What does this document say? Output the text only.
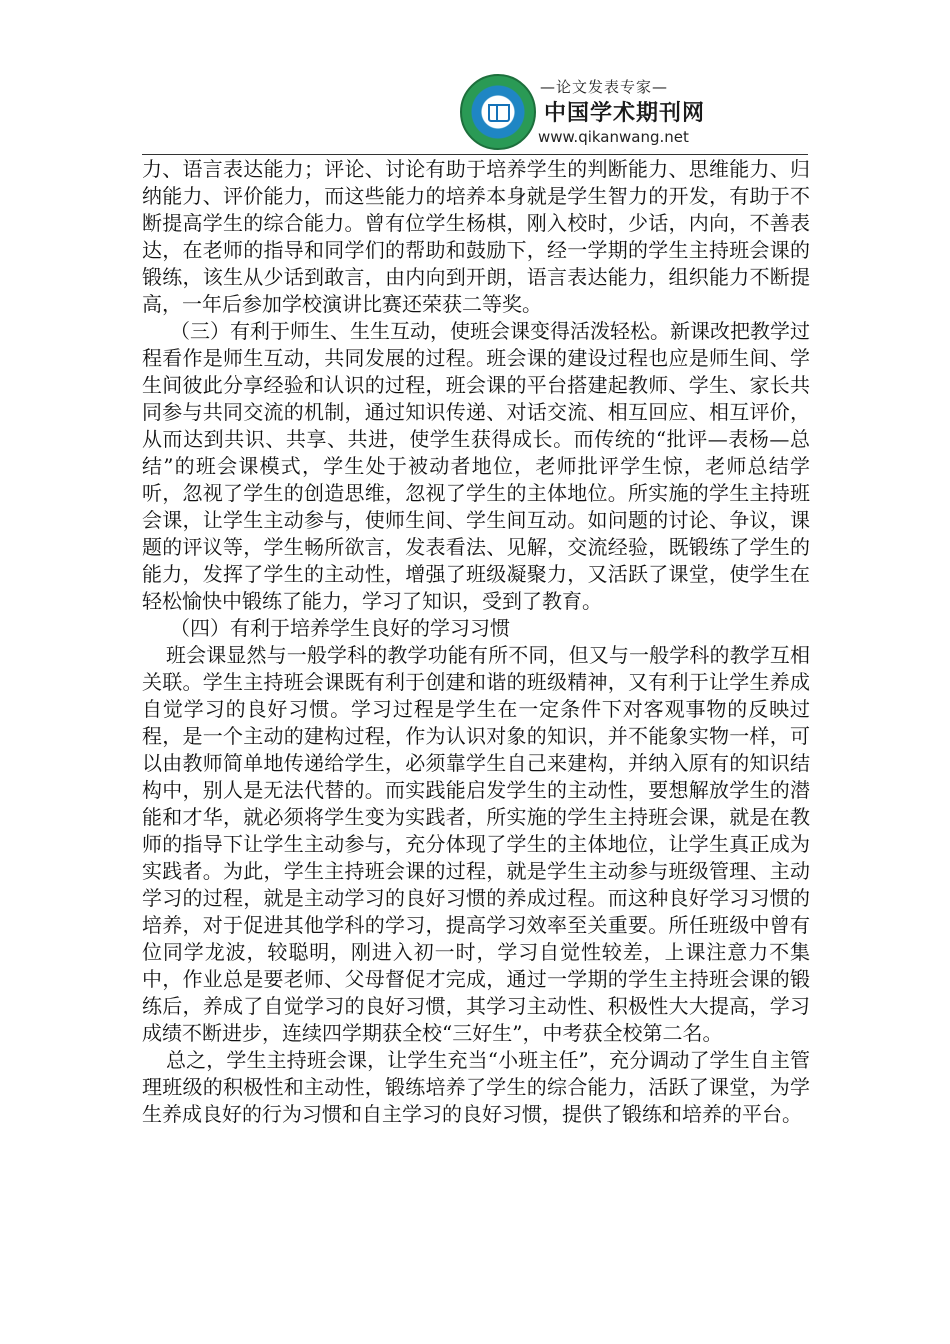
—论文发表专家—
中国学术期刊网
www.qikanwang.net

力、语言表达能力；评论、讨论有助于培养学生的判断能力、思维能力、归纳能力、评价能力，而这些能力的培养本身就是学生智力的开发，有助于不断提高学生的综合能力。曾有位学生杨棋，刚入校时，少话，内向，不善表达，在老师的指导和同学们的帮助和鼓励下，经一学期的学生主持班会课的锻练，该生从少话到敢言，由内向到开朗，语言表达能力，组织能力不断提高，一年后参加学校演讲比赛还荣获二等奖。

（三）有利于师生、生生互动，使班会课变得活泼轻松。新课改把教学过程看作是师生互动，共同发展的过程。班会课的建设过程也应是师生间、学生间彼此分享经验和认识的过程，班会课的平台搭建起教师、学生、家长共同参与共同交流的机制，通过知识传递、对话交流、相互回应、相互评价，从而达到共识、共享、共进，使学生获得成长。而传统的“批评—表杨—总结”的班会课模式，学生处于被动者地位，老师批评学生惊，老师总结学听，忽视了学生的创造思维，忽视了学生的主体地位。所实施的学生主持班会课，让学生主动参与，使师生间、学生间互动。如问题的讨论、争议，课题的评议等，学生畅所欲言，发表看法、见解，交流经验，既锻练了学生的能力，发挥了学生的主动性，增强了班级凝聚力，又活跃了课堂，使学生在轻松愉快中锻练了能力，学习了知识，受到了教育。

（四）有利于培养学生良好的学习习惯

班会课显然与一般学科的教学功能有所不同，但又与一般学科的教学互相关联。学生主持班会课既有利于创建和谐的班级精神，又有利于让学生养成自觉学习的良好习惯。学习过程是学生在一定条件下对客观事物的反映过程，是一个主动的建构过程，作为认识对象的知识，并不能象实物一样，可以由教师简单地传递给学生，必须靠学生自己来建构，并纳入原有的知识结构中，别人是无法代替的。而实践能启发学生的主动性，要想解放学生的潜能和才华，就必须将学生变为实践者，所实施的学生主持班会课，就是在教师的指导下让学生主动参与，充分体现了学生的主体地位，让学生真正成为实践者。为此，学生主持班会课的过程，就是学生主动参与班级管理、主动学习的过程，就是主动学习的良好习惯的养成过程。而这种良好学习习惯的培养，对于促进其他学科的学习，提高学习效率至关重要。所任班级中曾有位同学龙波，较聪明，刚进入初一时，学习自觉性较差，上课注意力不集中，作业总是要老师、父母督促才完成，通过一学期的学生主持班会课的锻练后，养成了自觉学习的良好习惯，其学习主动性、积极性大大提高，学习成绩不断进步，连续四学期获全校“三好生”，中考获全校第二名。

总之，学生主持班会课，让学生充当“小班主任”，充分调动了学生自主管理班级的积极性和主动性，锻练培养了学生的综合能力，活跃了课堂，为学生养成良好的行为习惯和自主学习的良好习惯，提供了锻练和培养的平台。
